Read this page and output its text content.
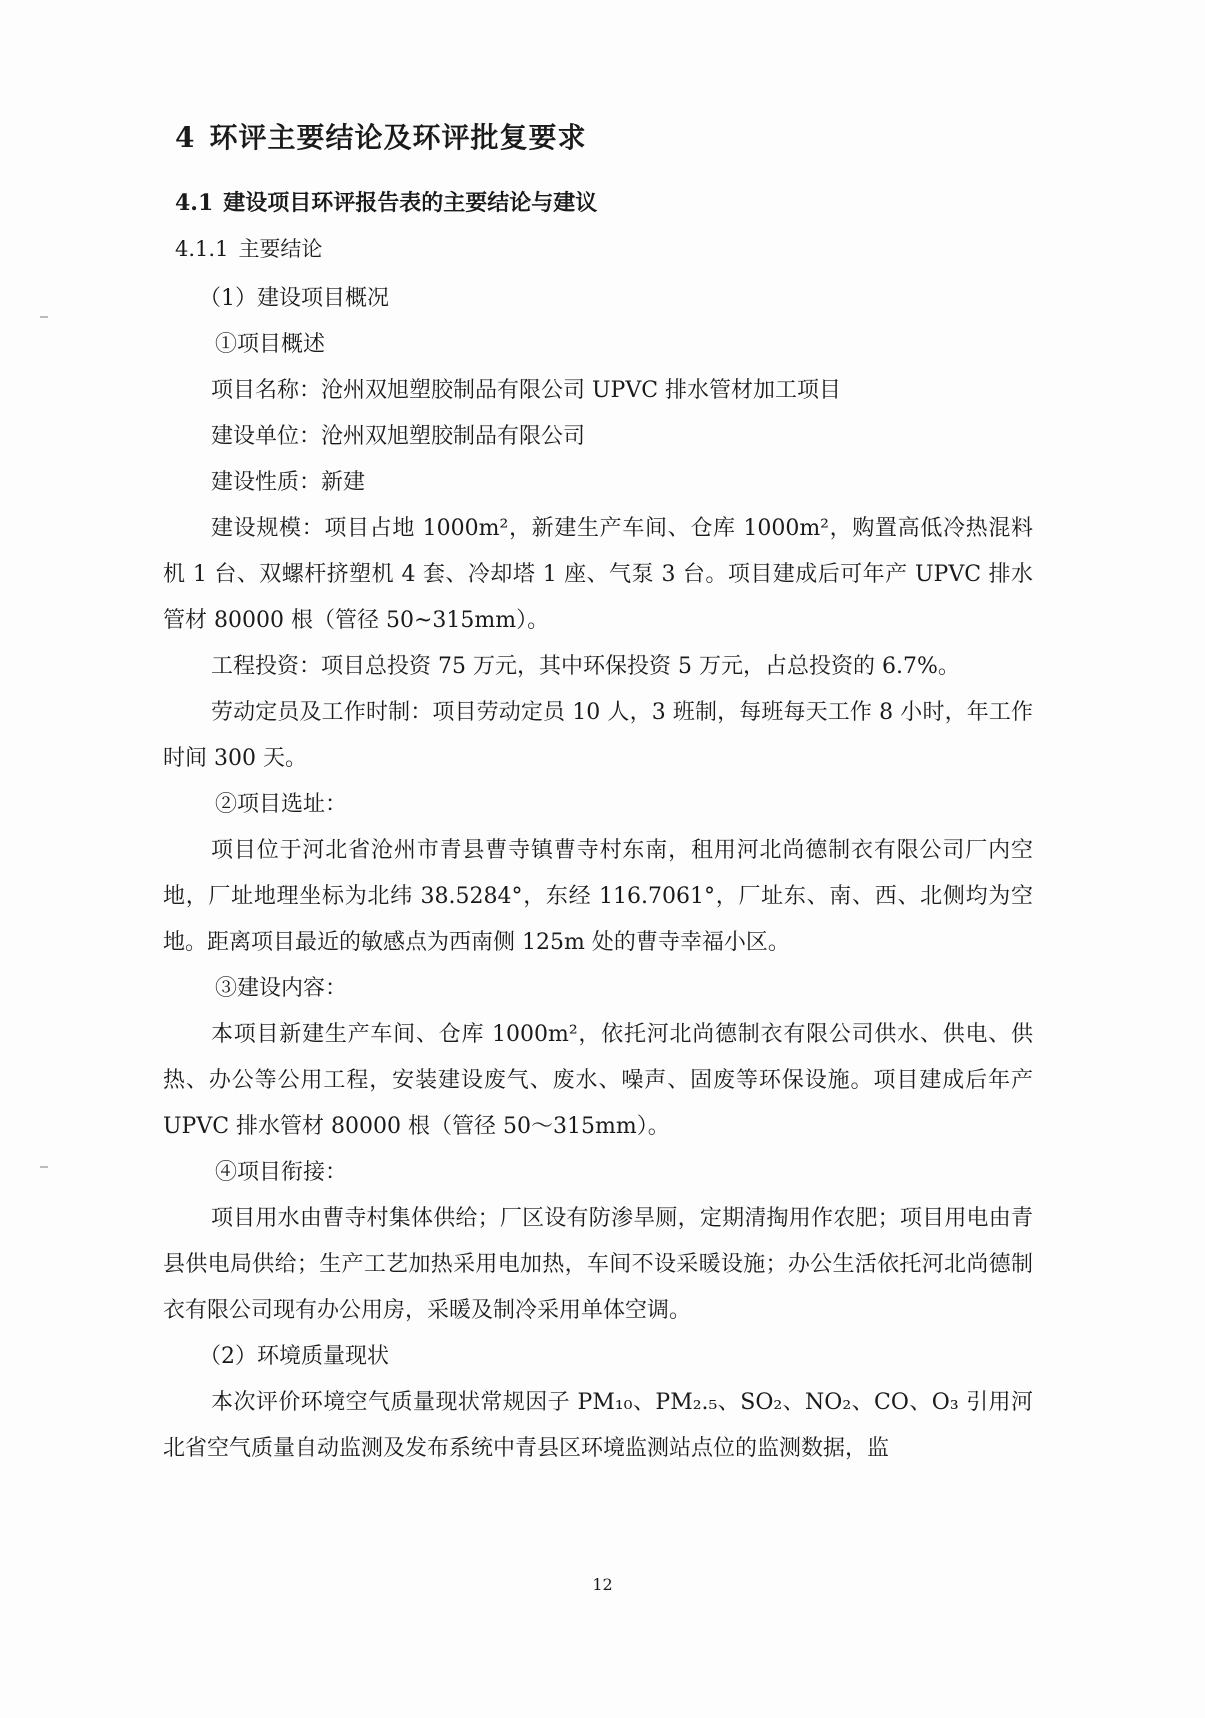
4 环评主要结论及环评批复要求
4.1 建设项目环评报告表的主要结论与建议
4.1.1 主要结论

（1）建设项目概况

①项目概述

项目名称：沧州双旭塑胶制品有限公司 UPVC 排水管材加工项目

建设单位：沧州双旭塑胶制品有限公司

建设性质：新建

建设规模：项目占地 1000m²，新建生产车间、仓库 1000m²，购置高低冷热混料机 1 台、双螺杆挤塑机 4 套、冷却塔 1 座、气泵 3 台。项目建成后可年产 UPVC 排水管材 80000 根（管径 50~315mm）。

工程投资：项目总投资 75 万元，其中环保投资 5 万元，占总投资的 6.7%。

劳动定员及工作时制：项目劳动定员 10 人，3 班制，每班每天工作 8 小时，年工作时间 300 天。

②项目选址：

项目位于河北省沧州市青县曹寺镇曹寺村东南，租用河北尚德制衣有限公司厂内空地，厂址地理坐标为北纬 38.5284°，东经 116.7061°，厂址东、南、西、北侧均为空地。距离项目最近的敏感点为西南侧 125m 处的曹寺幸福小区。

③建设内容：

本项目新建生产车间、仓库 1000m²，依托河北尚德制衣有限公司供水、供电、供热、办公等公用工程，安装建设废气、废水、噪声、固废等环保设施。项目建成后年产 UPVC 排水管材 80000 根（管径 50～315mm）。

④项目衔接：

项目用水由曹寺村集体供给；厂区设有防渗旱厕，定期清掏用作农肥；项目用电由青县供电局供给；生产工艺加热采用电加热，车间不设采暖设施；办公生活依托河北尚德制衣有限公司现有办公用房，采暖及制冷采用单体空调。

（2）环境质量现状

本次评价环境空气质量现状常规因子 PM₁₀、PM₂.₅、SO₂、NO₂、CO、O₃ 引用河北省空气质量自动监测及发布系统中青县区环境监测站点位的监测数据，监

12
